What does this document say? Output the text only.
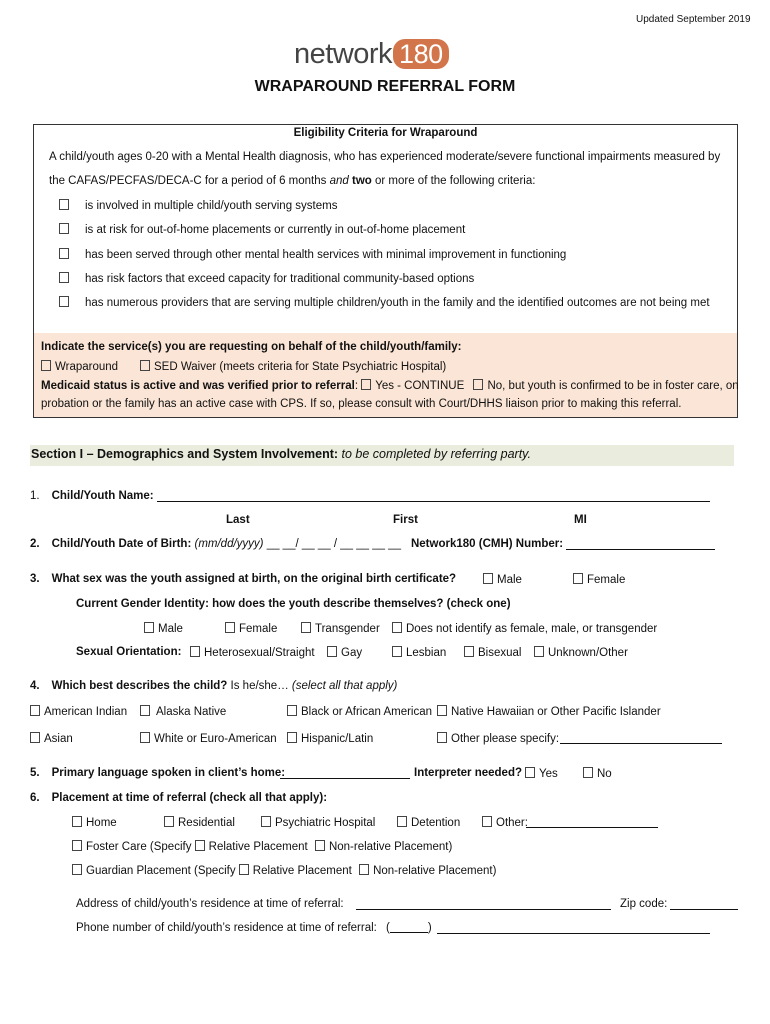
Updated September 2019
network 180
WRAPAROUND REFERRAL FORM
Eligibility Criteria for Wraparound
A child/youth ages 0-20 with a Mental Health diagnosis, who has experienced moderate/severe functional impairments measured by
the CAFAS/PECFAS/DECA-C for a period of 6 months and two or more of the following criteria:
is involved in multiple child/youth serving systems
is at risk for out-of-home placements or currently in out-of-home placement
has been served through other mental health services with minimal improvement in functioning
has risk factors that exceed capacity for traditional community-based options
has numerous providers that are serving multiple children/youth in the family and the identified outcomes are not being met
Indicate the service(s) you are requesting on behalf of the child/youth/family:
Wraparound	SED Waiver (meets criteria for State Psychiatric Hospital)
Medicaid status is active and was verified prior to referral: Yes - CONTINUE No, but youth is confirmed to be in foster care, on
probation or the family has an active case with CPS. If so, please consult with Court/DHHS liaison prior to making this referral.
Section I – Demographics and System Involvement: to be completed by referring party.
1. Child/Youth Name:
Last	First	MI
2. Child/Youth Date of Birth: (mm/dd/yyyy) __ __/ __ __ / __ __ __ __ Network180 (CMH) Number:
3. What sex was the youth assigned at birth, on the original birth certificate?	Male	Female
Current Gender Identity: how does the youth describe themselves? (check one)
Male	Female	Transgender	Does not identify as female, male, or transgender
Sexual Orientation:	Heterosexual/Straight	Gay	Lesbian	Bisexual	Unknown/Other
4. Which best describes the child? Is he/she… (select all that apply)
American Indian	Alaska Native	Black or African American	Native Hawaiian or Other Pacific Islander
Asian	White or Euro-American	Hispanic/Latin	Other please specify:
5. Primary language spoken in client’s home:	Interpreter needed?	Yes	No
6. Placement at time of referral (check all that apply):
Home	Residential	Psychiatric Hospital	Detention	Other:
Foster Care (Specify Relative Placement Non-relative Placement)
Guardian Placement (Specify Relative Placement Non-relative Placement)
Address of child/youth’s residence at time of referral:	Zip code:
Phone number of child/youth’s residence at time of referral: (	)
